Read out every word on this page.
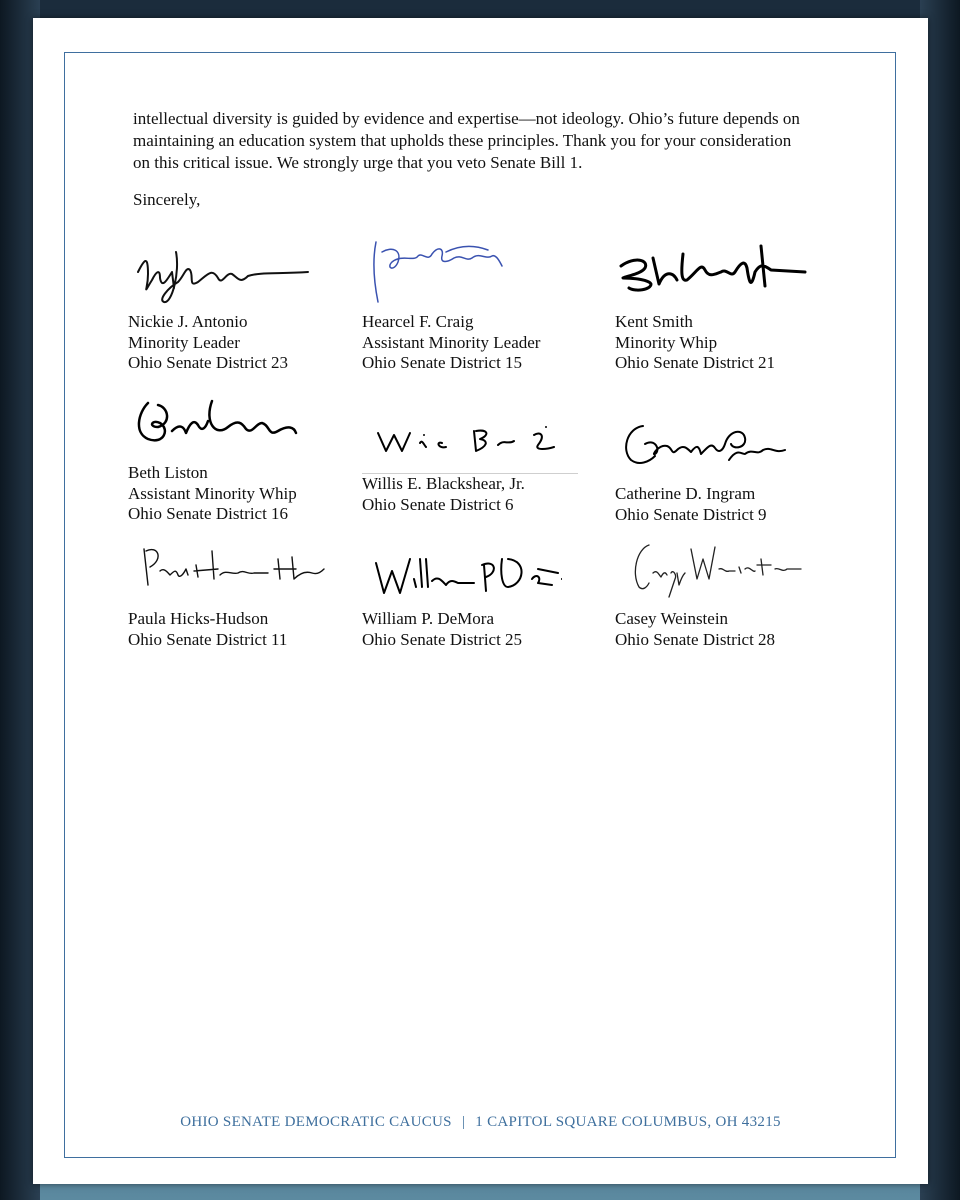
intellectual diversity is guided by evidence and expertise—not ideology. Ohio’s future depends on
maintaining an education system that upholds these principles. Thank you for your consideration
on this critical issue. We strongly urge that you veto Senate Bill 1.
Sincerely,
Nickie J. Antonio
Minority Leader
Ohio Senate District 23
Hearcel F. Craig
Assistant Minority Leader
Ohio Senate District 15
Kent Smith
Minority Whip
Ohio Senate District 21
Beth Liston
Assistant Minority Whip
Ohio Senate District 16
Willis E. Blackshear, Jr.
Ohio Senate District 6
Catherine D. Ingram
Ohio Senate District 9
Paula Hicks-Hudson
Ohio Senate District 11
William P. DeMora
Ohio Senate District 25
Casey Weinstein
Ohio Senate District 28
OHIO SENATE DEMOCRATIC CAUCUS | 1 CAPITOL SQUARE COLUMBUS, OH 43215
